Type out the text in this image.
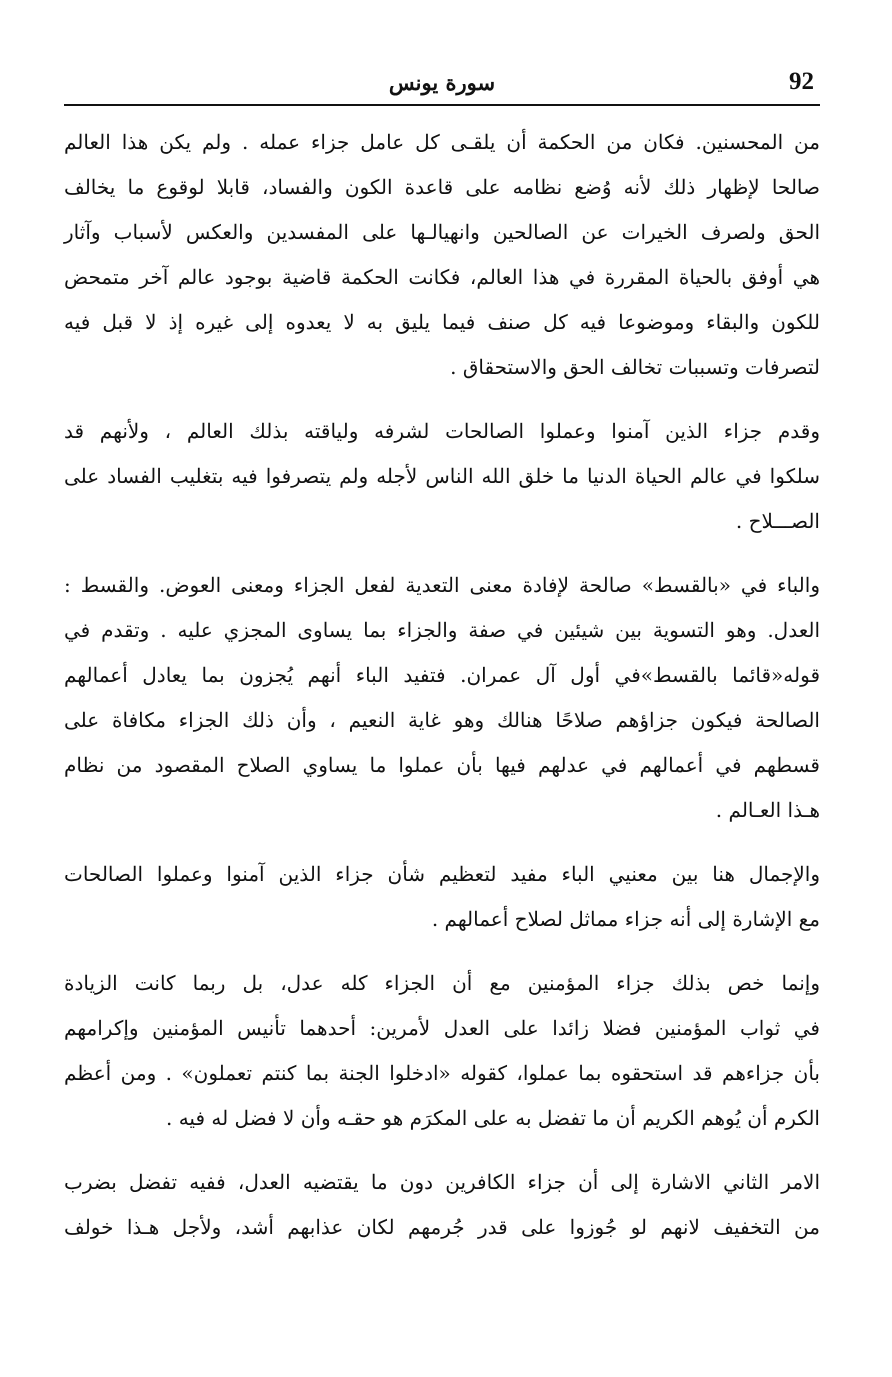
92
سورة يونس
من المحسنين. فكان من الحكمة أن يلقـى كل عامل جزاء عمله . ولم يكن هذا العالم
صالحا لإظهار ذلك لأنه وُضع نظامه على قاعدة الكون والفساد، قابلا لوقوع ما يخالف
الحق ولصرف الخيرات عن الصالحين وانهيالـها على المفسدين والعكس لأسباب وآثار
هي أوفق بالحياة المقررة في هذا العالم، فكانت الحكمة قاضية بوجود عالم آخر متمحض
للكون والبقاء وموضوعا فيه كل صنف فيما يليق به لا يعدوه إلى غيره إذ لا قبل فيه
لتصرفات وتسببات تخالف الحق والاستحقاق .
وقدم جزاء الذين آمنوا وعملوا الصالحات لشرفه ولياقته بذلك العالم ، ولأنهم قد
سلكوا في عالم الحياة الدنيا ما خلق الله الناس لأجله ولم يتصرفوا فيه بتغليب الفساد على
الصـــلاح .
والباء في «بالقسط» صالحة لإفادة معنى التعدية لفعل الجزاء ومعنى العوض. والقسط :
العدل. وهو التسوية بين شيئين في صفة والجزاء بما يساوى المجزي عليه . وتقدم في
قوله«قائما بالقسط»في أول آل عمران. فتفيد الباء أنهم يُجزون بما يعادل أعمالهم
الصالحة فيكون جزاؤهم صلاحًا هنالك وهو غاية النعيم ، وأن ذلك الجزاء مكافاة على
قسطهم في أعمالهم في عدلهم فيها بأن عملوا ما يساوي الصلاح المقصود من نظام
هـذا العـالم .
والإجمال هنا بين معنيي الباء مفيد لتعظيم شأن جزاء الذين آمنوا وعملوا الصالحات
مع الإشارة إلى أنه جزاء مماثل لصلاح أعمالهم .
وإنما خص بذلك جزاء المؤمنين مع أن الجزاء كله عدل، بل ربما كانت الزيادة
في ثواب المؤمنين فضلا زائدا على العدل لأمرين: أحدهما تأنيس المؤمنين وإكرامهم
بأن جزاءهم قد استحقوه بما عملوا، كقوله «ادخلوا الجنة بما كنتم تعملون» . ومن أعظم
الكرم أن يُوهم الكريم أن ما تفضل به على المكرَم هو حقـه وأن لا فضل له فيه .
الامر الثاني الاشارة إلى أن جزاء الكافرين دون ما يقتضيه العدل، ففيه تفضل بضرب
من التخفيف لانهم لو جُوزوا على قدر جُرمهم لكان عذابهم أشد، ولأجل هـذا خولف
